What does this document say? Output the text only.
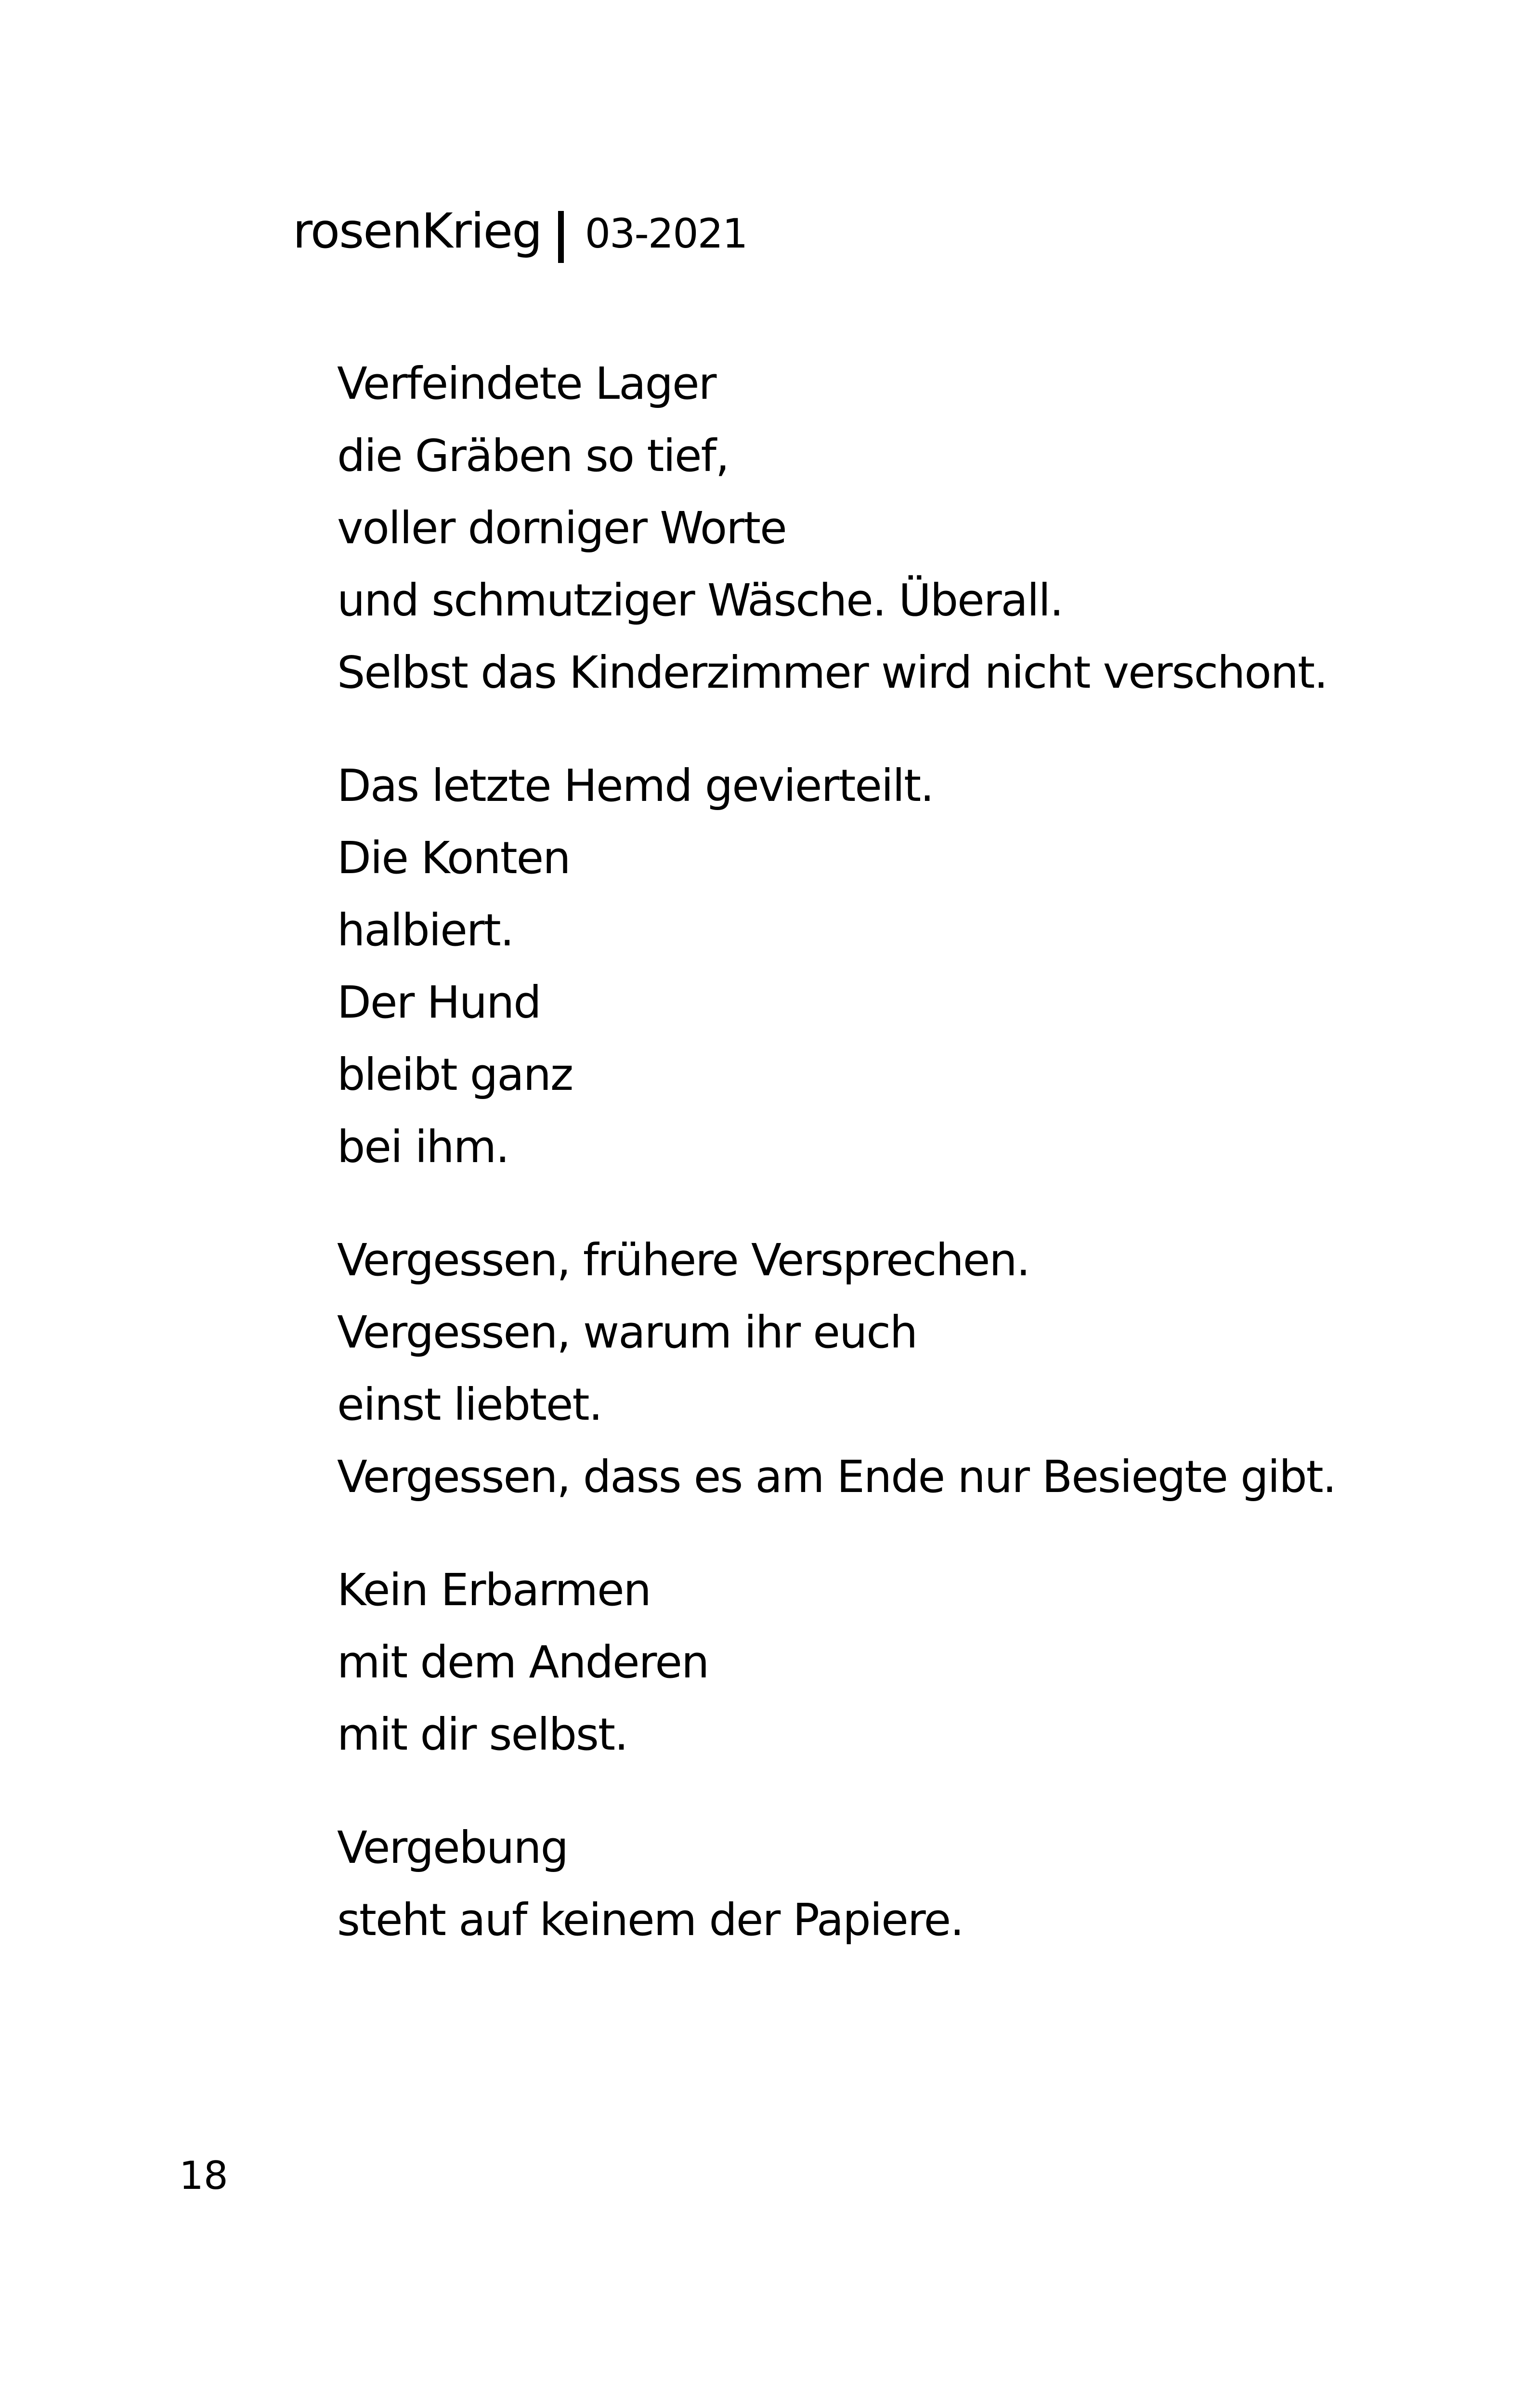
rosenKrieg 03-2021
Verfeindete Lager
die Gräben so tief,
voller dorniger Worte
und schmutziger Wäsche. Überall.
Selbst das Kinderzimmer wird nicht verschont.
Das letzte Hemd gevierteilt.
Die Konten
halbiert.
Der Hund
bleibt ganz
bei ihm.
Vergessen, frühere Versprechen.
Vergessen, warum ihr euch
einst liebtet.
Vergessen, dass es am Ende nur Besiegte gibt.
Kein Erbarmen
mit dem Anderen
mit dir selbst.
Vergebung
steht auf keinem der Papiere.
18
